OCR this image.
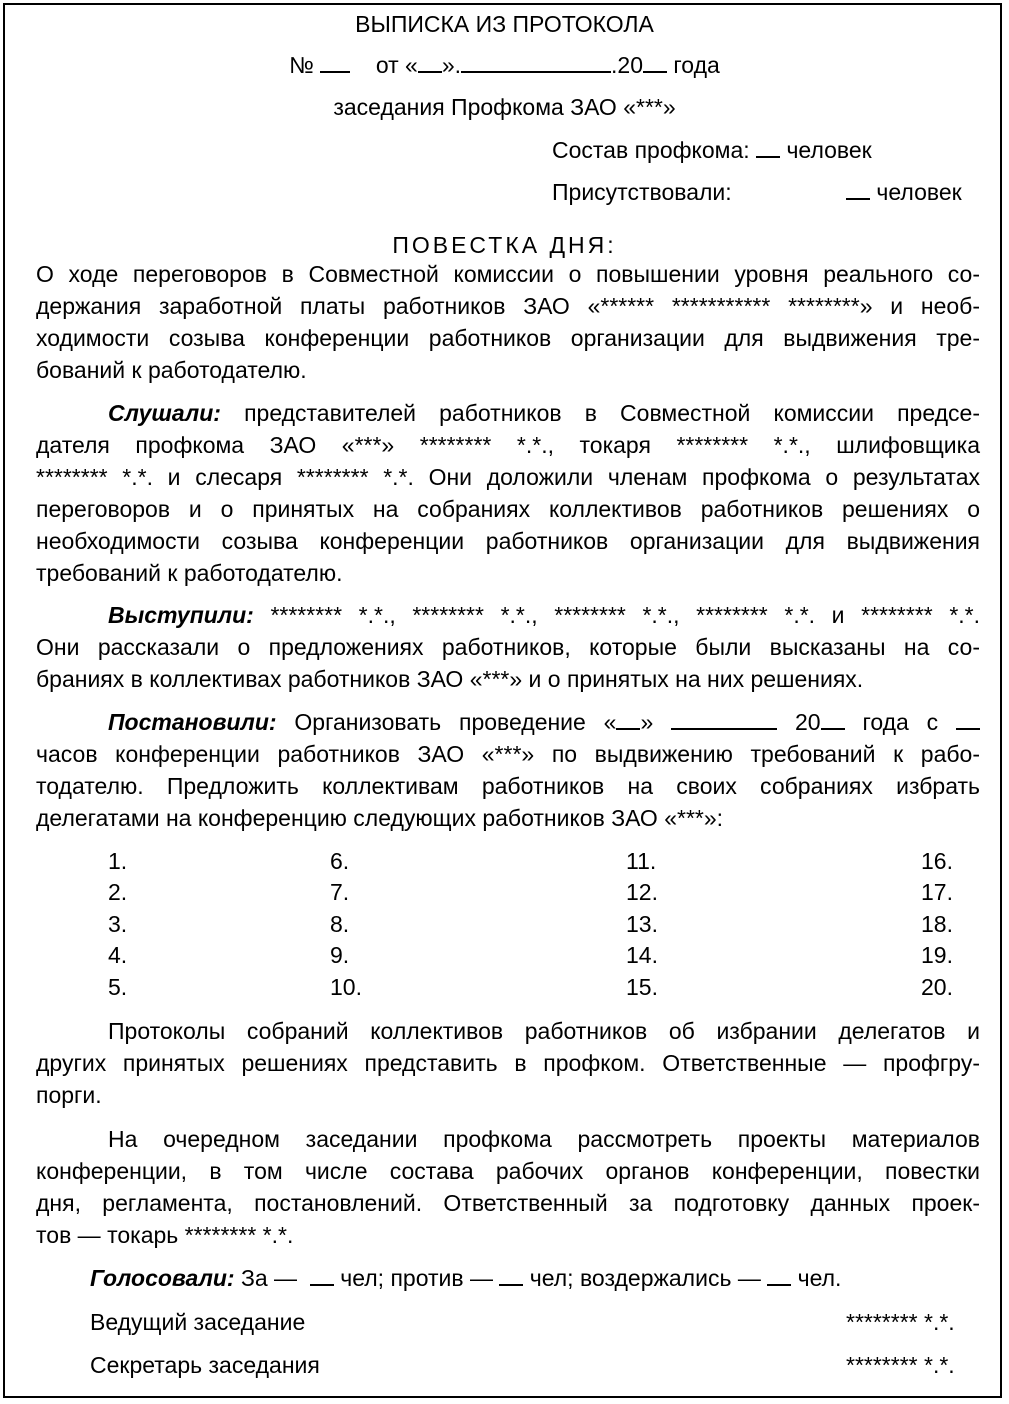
ВЫПИСКА ИЗ ПРОТОКОЛА
№	от « ».	.20 года
заседания Профкома ЗАО «***»
Состав профкома: человек
Присутствовали:	человек
ПОВЕСТКА ДНЯ:
О ходе переговоров в Совместной комиссии о повышении уровня реального со-
держания заработной платы работников ЗАО «****** *********** ********» и необ-
ходимости созыва конференции работников организации для выдвижения тре-
бований к работодателю.
Слушали: представителей работников в Совместной комиссии предсе-
дателя профкома ЗАО «***» ******** *.*., токаря ******** *.*., шлифовщика
******** *.*. и слесаря ******** *.*. Они доложили членам профкома о результатах
переговоров и о принятых на собраниях коллективов работников решениях о
необходимости созыва конференции работников организации для выдвижения
требований к работодателю.
Выступили: ******** *.*., ******** *.*., ******** *.*., ******** *.*. и ******** *.*.
Они рассказали о предложениях работников, которые были высказаны на со-
браниях в коллективах работников ЗАО «***» и о принятых на них решениях.
Постановили: Организовать проведение « »	20 года с
часов конференции работников ЗАО «***» по выдвижению требований к рабо-
тодателю. Предложить коллективам работников на своих собраниях избрать
делегатами на конференцию следующих работников ЗАО «***»:
1.	6.	11.	16.
2.	7.	12.	17.
3.	8.	13.	18.
4.	9.	14.	19.
5.	10.	15.	20.
Протоколы собраний коллективов работников об избрании делегатов и
других принятых решениях представить в профком. Ответственные — профгру-
порги.
На очередном заседании профкома рассмотреть проекты материалов
конференции, в том числе состава рабочих органов конференции, повестки
дня, регламента, постановлений. Ответственный за подготовку данных проек-
тов — токарь ******** *.*.
Голосовали: За — чел; против — чел; воздержались — чел.
Ведущий заседание	******** *.*.
Секретарь заседания	******** *.*.
